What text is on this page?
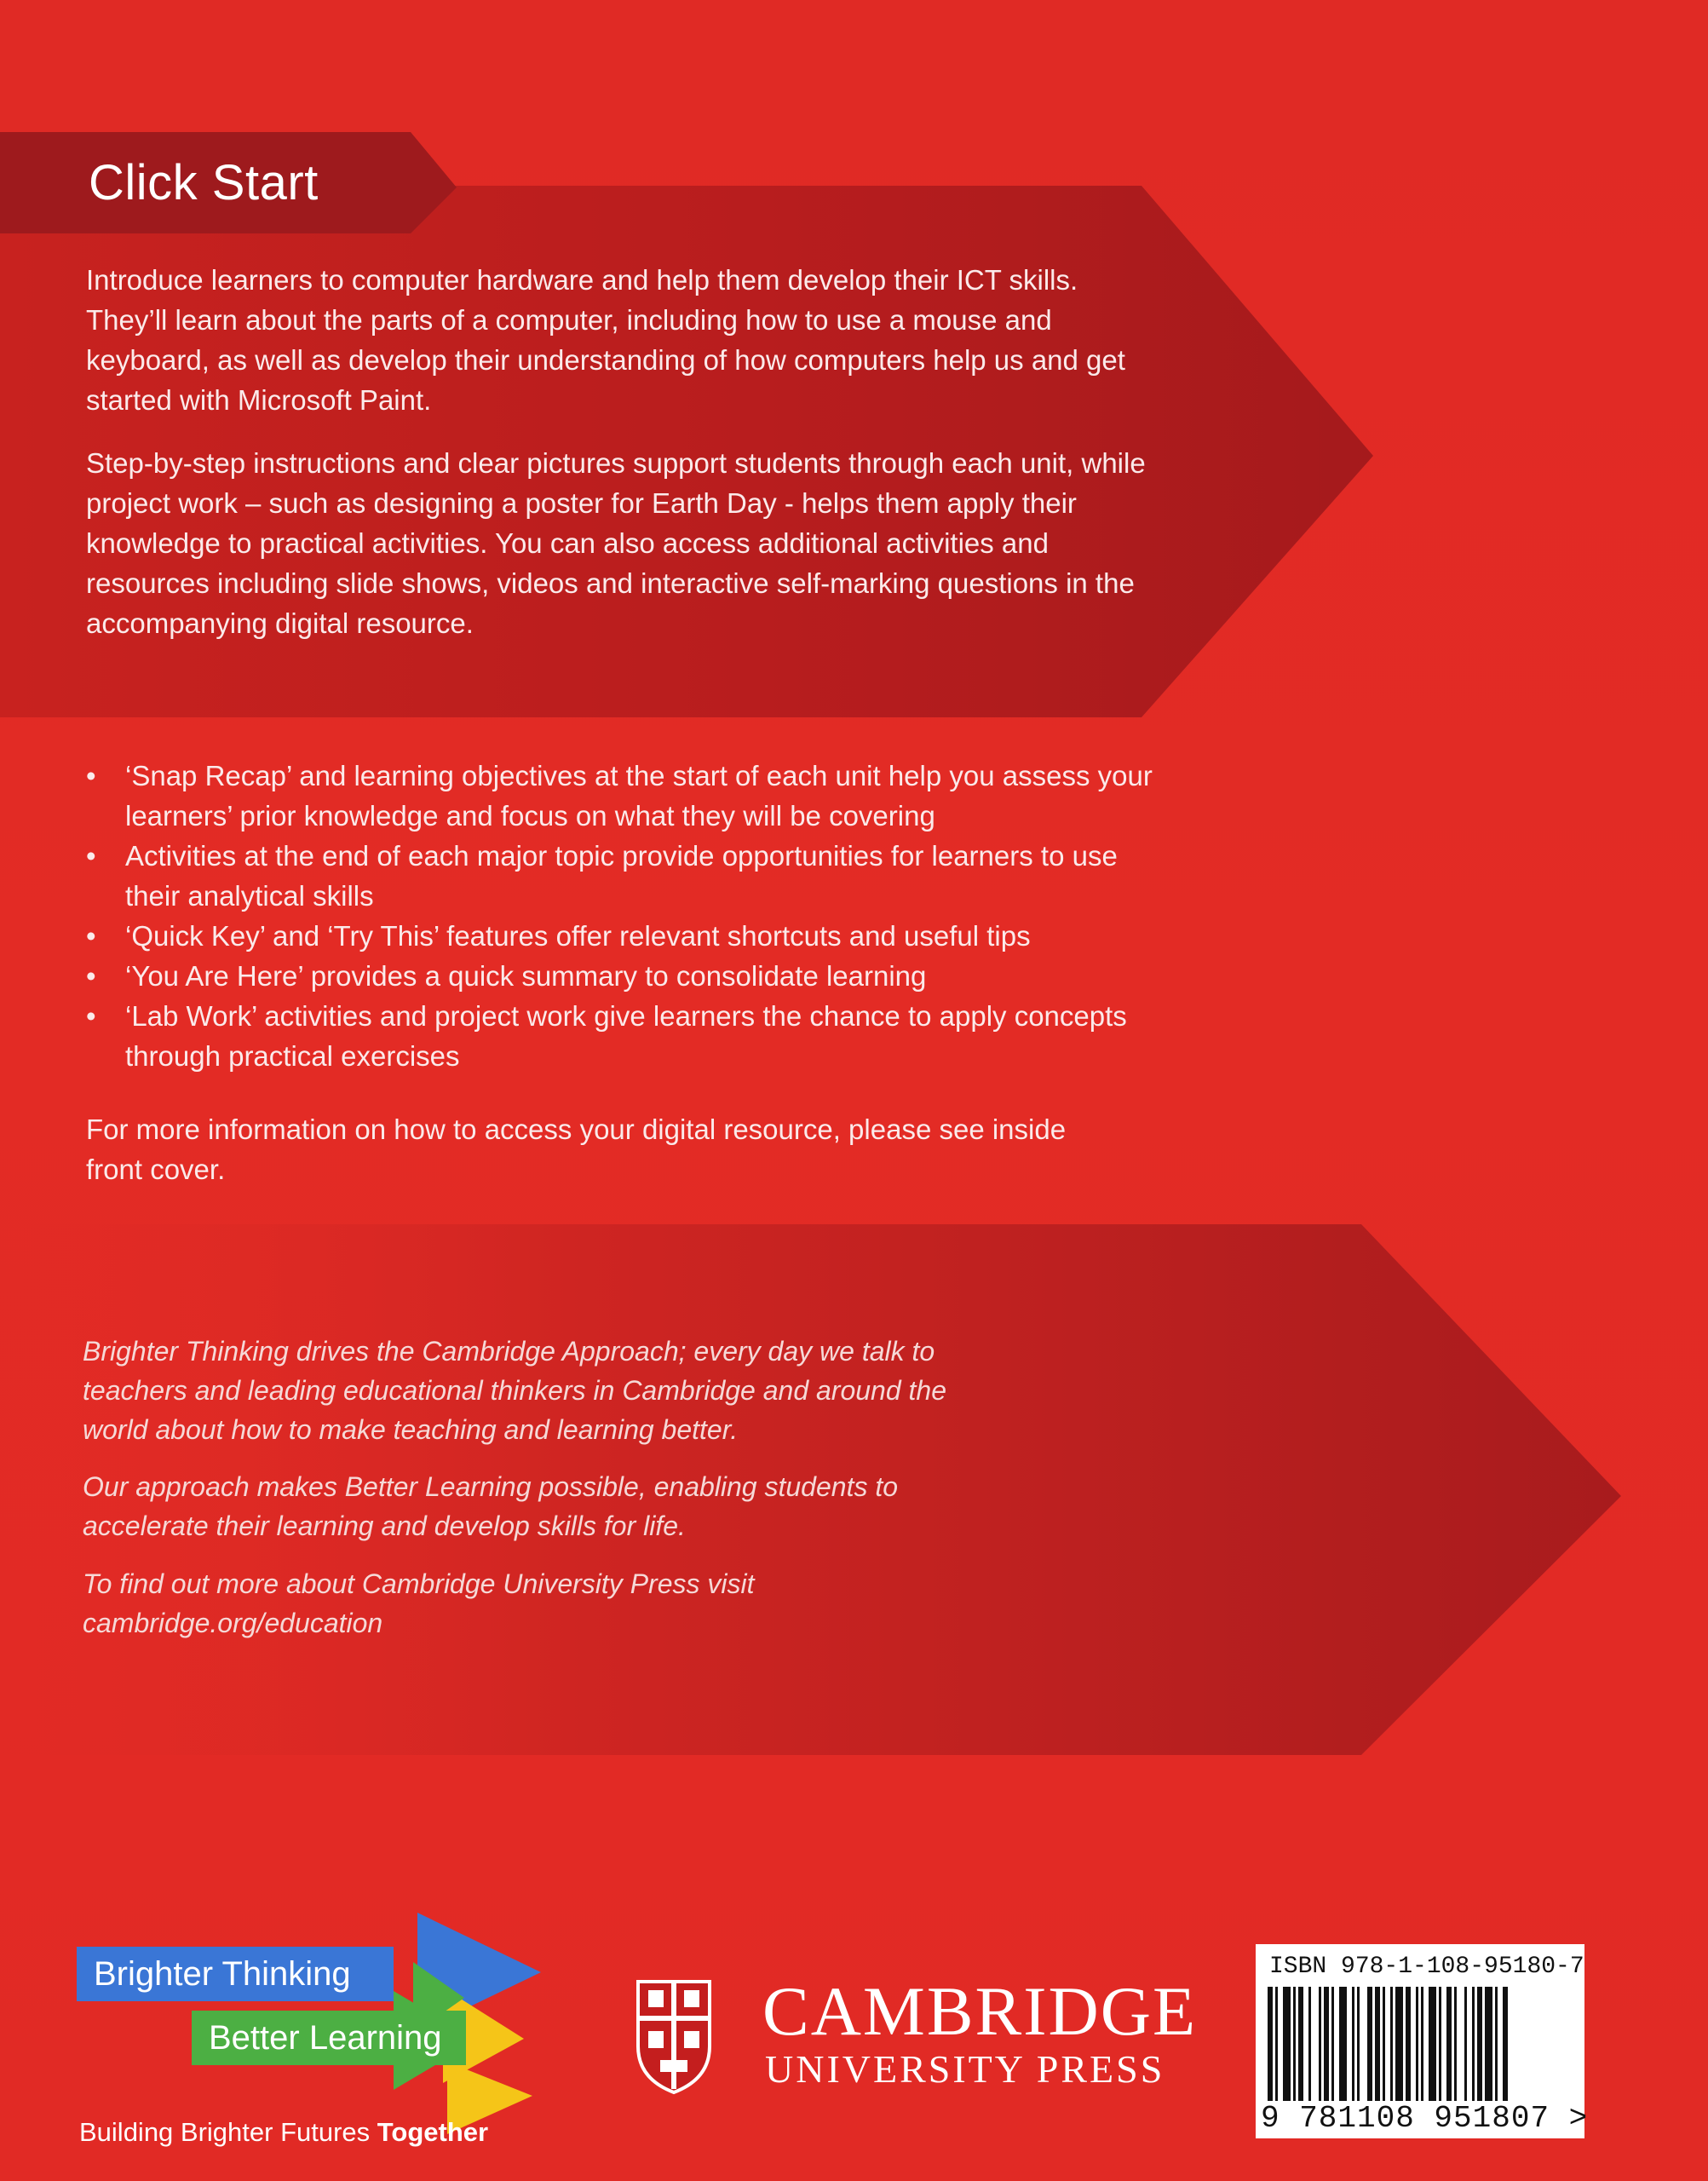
Click Start

Introduce learners to computer hardware and help them develop their ICT skills. They’ll learn about the parts of a computer, including how to use a mouse and keyboard, as well as develop their understanding of how computers help us and get started with Microsoft Paint.

Step-by-step instructions and clear pictures support students through each unit, while project work – such as designing a poster for Earth Day - helps them apply their knowledge to practical activities. You can also access additional activities and resources including slide shows, videos and interactive self-marking questions in the accompanying digital resource.

•	‘Snap Recap’ and learning objectives at the start of each unit help you assess your learners’ prior knowledge and focus on what they will be covering
•	Activities at the end of each major topic provide opportunities for learners to use their analytical skills
•	‘Quick Key’ and ‘Try This’ features offer relevant shortcuts and useful tips
•	‘You Are Here’ provides a quick summary to consolidate learning
•	‘Lab Work’ activities and project work give learners the chance to apply concepts through practical exercises

For more information on how to access your digital resource, please see inside front cover.

Brighter Thinking drives the Cambridge Approach; every day we talk to teachers and leading educational thinkers in Cambridge and around the world about how to make teaching and learning better.

Our approach makes Better Learning possible, enabling students to accelerate their learning and develop skills for life.

To find out more about Cambridge University Press visit cambridge.org/education

Brighter Thinking
Better Learning
Building Brighter Futures Together
CAMBRIDGE
UNIVERSITY PRESS
ISBN 978-1-108-95180-7
9 781108 951807 >
